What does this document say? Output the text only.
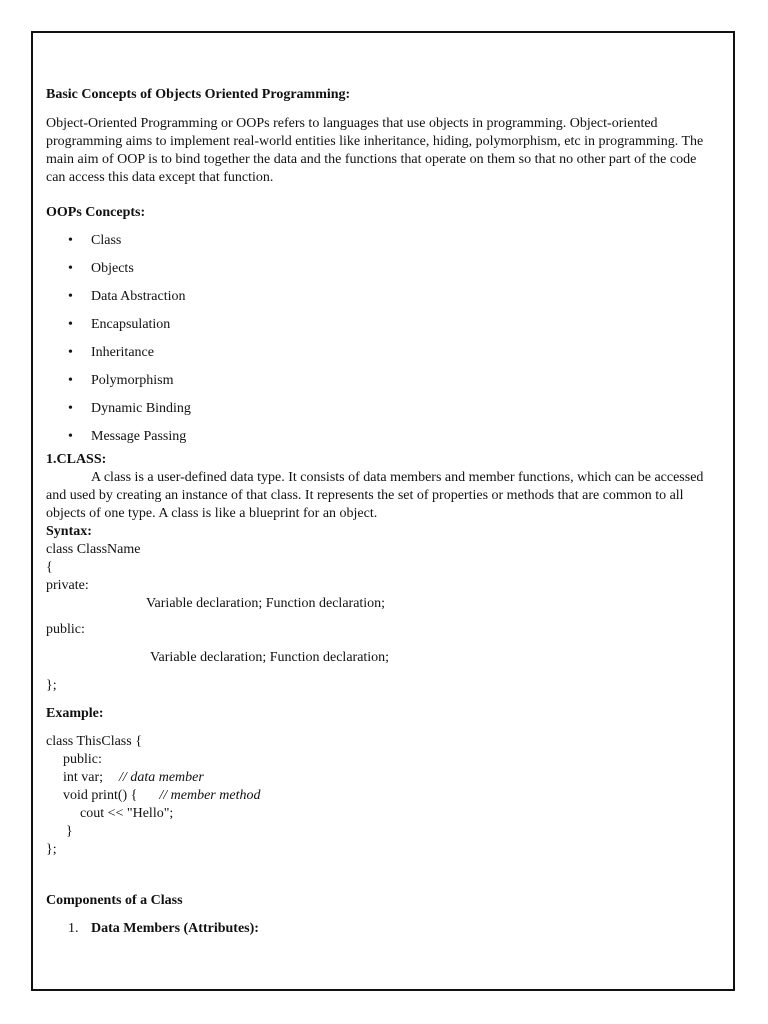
Basic Concepts of Objects Oriented Programming:

Object-Oriented Programming or OOPs refers to languages that use objects in programming. Object-oriented programming aims to implement real-world entities like inheritance, hiding, polymorphism, etc in programming. The main aim of OOP is to bind together the data and the functions that operate on them so that no other part of the code can access this data except that function.

OOPs Concepts:

• Class
• Objects
• Data Abstraction
• Encapsulation
• Inheritance
• Polymorphism
• Dynamic Binding
• Message Passing

1.CLASS:

A class is a user-defined data type. It consists of data members and member functions, which can be accessed and used by creating an instance of that class. It represents the set of properties or methods that are common to all objects of one type. A class is like a blueprint for an object.

Syntax:

class ClassName

{

private:

Variable declaration; Function declaration;

public:

Variable declaration; Function declaration;

};

Example:

class ThisClass {

public:

int var; // data member

void print() { // member method

cout << "Hello";

}

};

Components of a Class

1. Data Members (Attributes):
